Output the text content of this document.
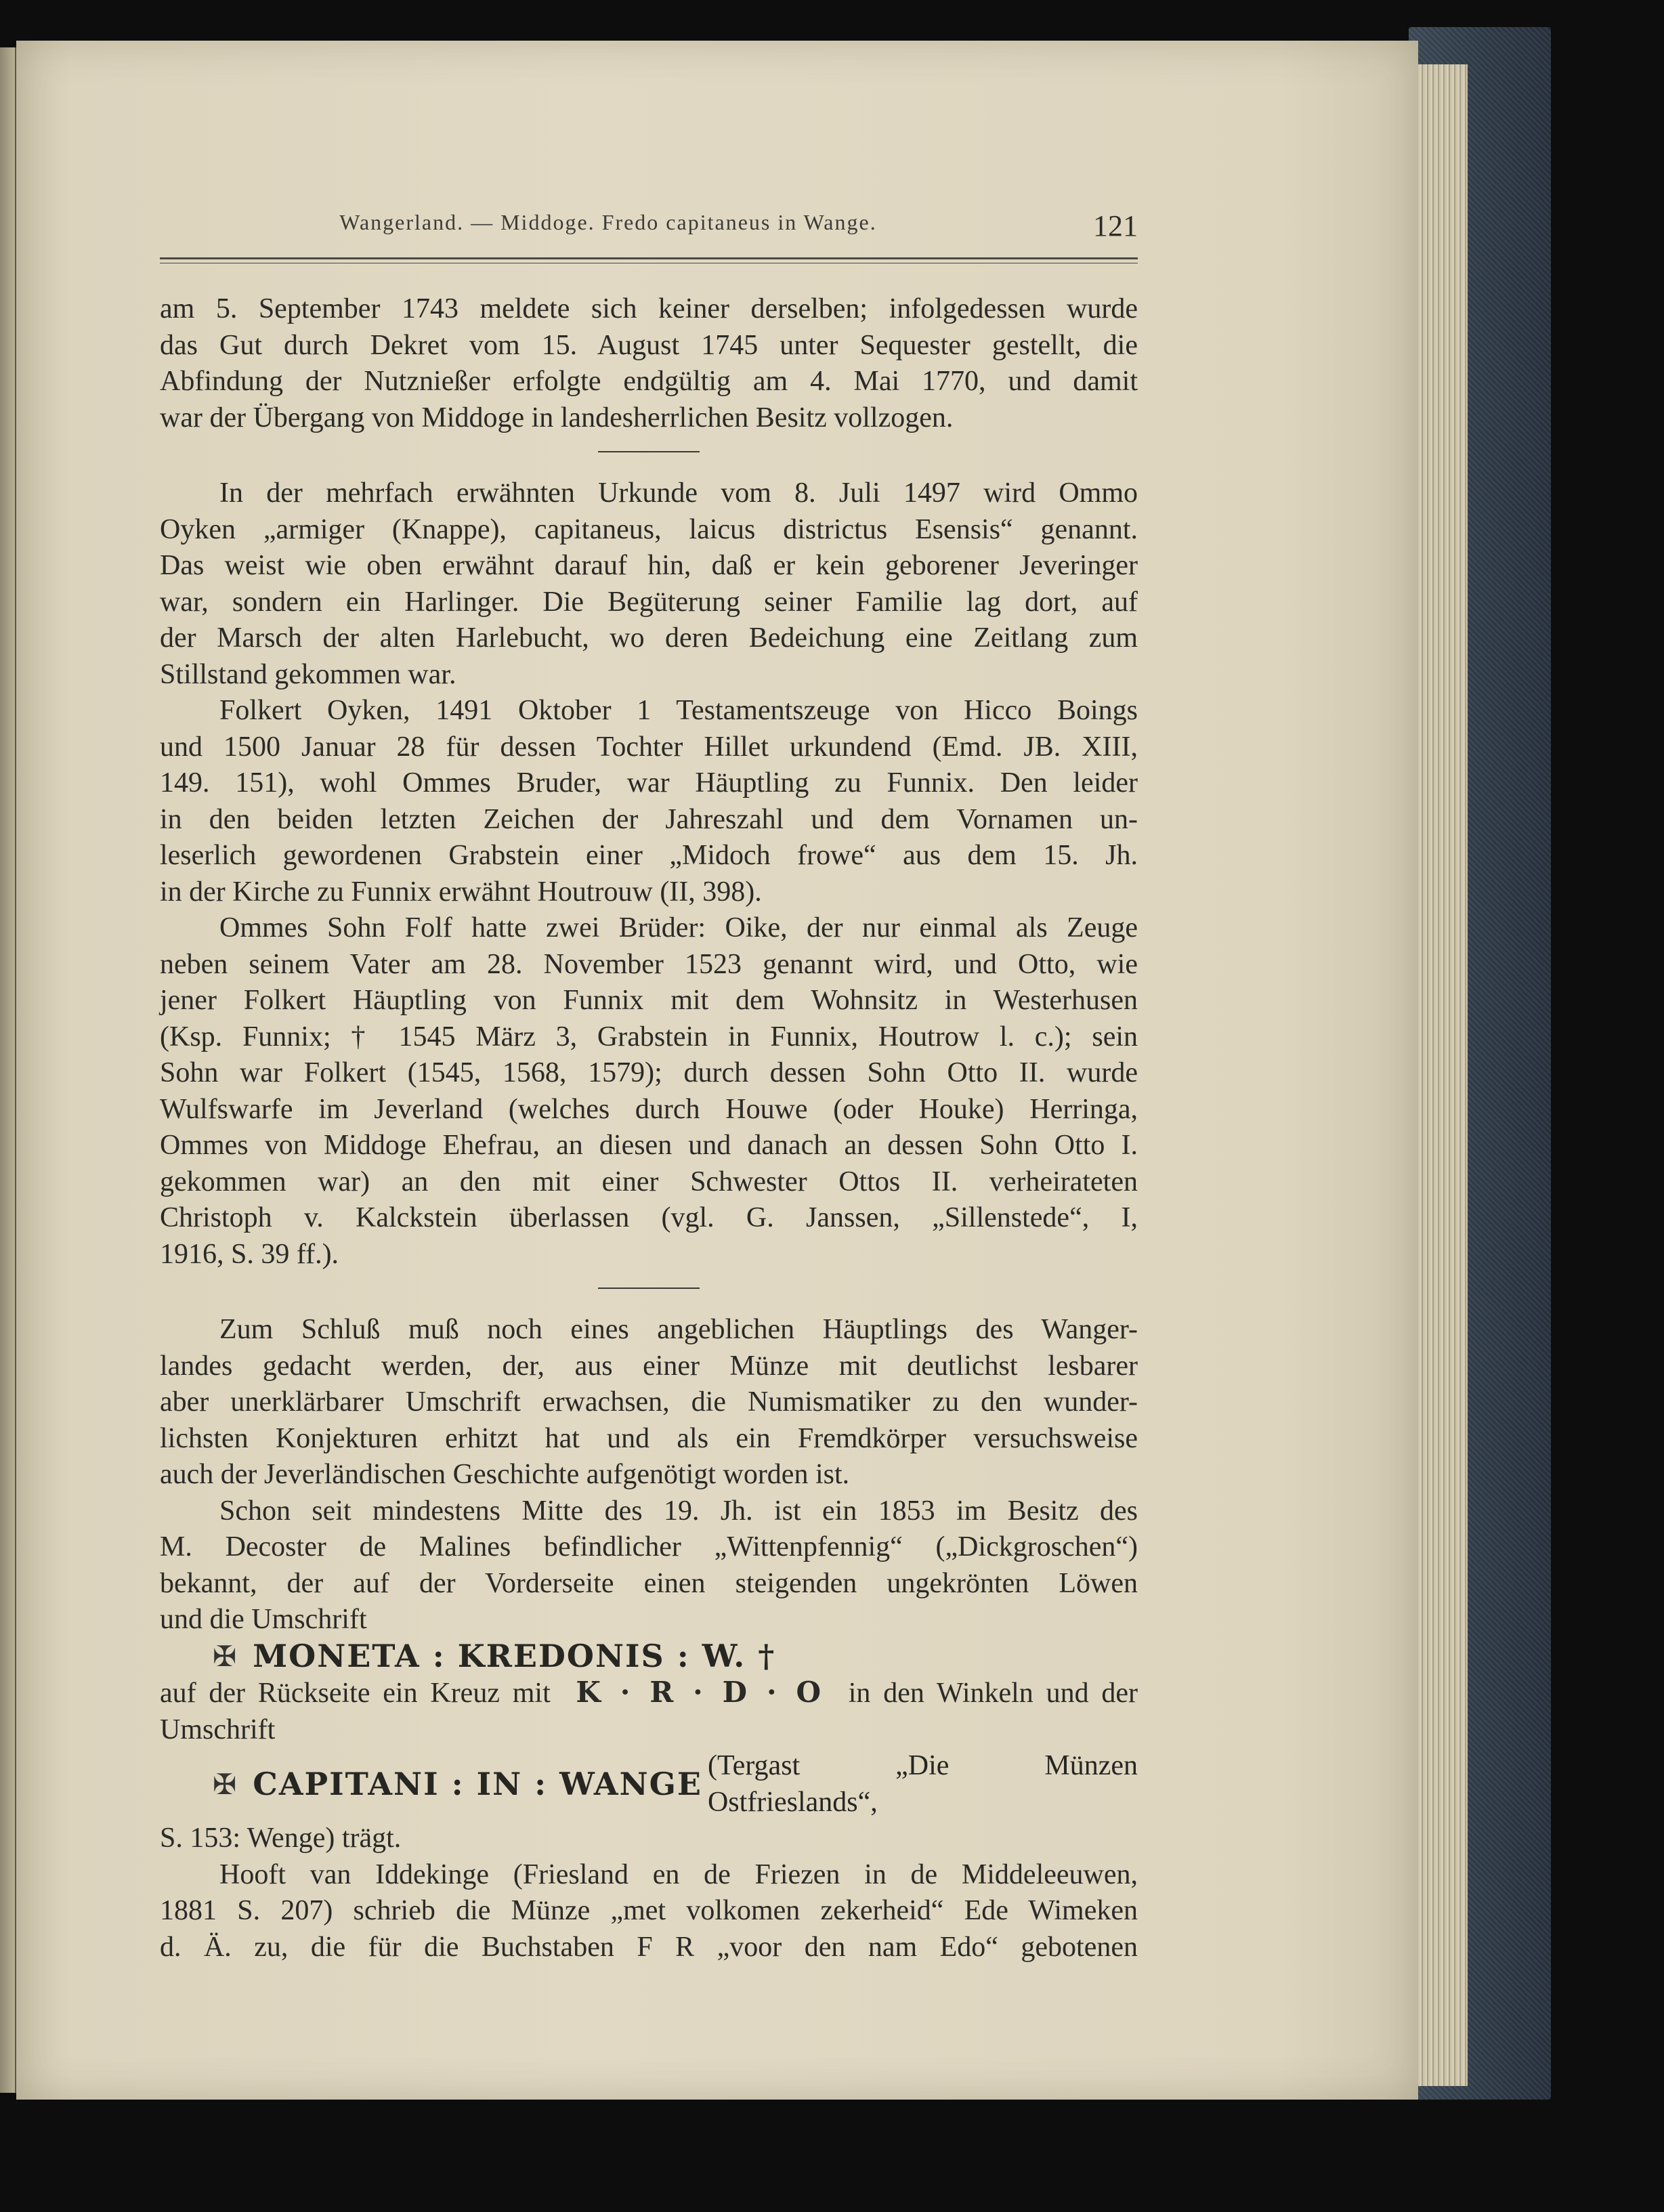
Wangerland. — Middoge. Fredo capitaneus in Wange.	121

am 5. September 1743 meldete sich keiner derselben; infolgedessen wurde

das Gut durch Dekret vom 15. August 1745 unter Sequester gestellt, die

Abfindung der Nutznießer erfolgte endgültig am 4. Mai 1770, und damit

war der Übergang von Middoge in landesherrlichen Besitz vollzogen.

In der mehrfach erwähnten Urkunde vom 8. Juli 1497 wird Ommo

Oyken „armiger (Knappe), capitaneus, laicus districtus Esensis“ genannt.

Das weist wie oben erwähnt darauf hin, daß er kein geborener Jeveringer

war, sondern ein Harlinger. Die Begüterung seiner Familie lag dort, auf

der Marsch der alten Harlebucht, wo deren Bedeichung eine Zeitlang zum

Stillstand gekommen war.

Folkert Oyken, 1491 Oktober 1 Testamentszeuge von Hicco Boings

und 1500 Januar 28 für dessen Tochter Hillet urkundend (Emd. JB. XIII,

149. 151), wohl Ommes Bruder, war Häuptling zu Funnix. Den leider

in den beiden letzten Zeichen der Jahreszahl und dem Vornamen un-

leserlich gewordenen Grabstein einer „Midoch frowe“ aus dem 15. Jh.

in der Kirche zu Funnix erwähnt Houtrouw (II, 398).

Ommes Sohn Folf hatte zwei Brüder: Oike, der nur einmal als Zeuge

neben seinem Vater am 28. November 1523 genannt wird, und Otto, wie

jener Folkert Häuptling von Funnix mit dem Wohnsitz in Westerhusen

(Ksp. Funnix; † 1545 März 3, Grabstein in Funnix, Houtrow l. c.); sein

Sohn war Folkert (1545, 1568, 1579); durch dessen Sohn Otto II. wurde

Wulfswarfe im Jeverland (welches durch Houwe (oder Houke) Herringa,

Ommes von Middoge Ehefrau, an diesen und danach an dessen Sohn Otto I.

gekommen war) an den mit einer Schwester Ottos II. verheirateten

Christoph v. Kalckstein überlassen (vgl. G. Janssen, „Sillenstede“, I,

1916, S. 39 ff.).

Zum Schluß muß noch eines angeblichen Häuptlings des Wanger-

landes gedacht werden, der, aus einer Münze mit deutlichst lesbarer

aber unerklärbarer Umschrift erwachsen, die Numismatiker zu den wunder-

lichsten Konjekturen erhitzt hat und als ein Fremdkörper versuchsweise

auch der Jeverländischen Geschichte aufgenötigt worden ist.

Schon seit mindestens Mitte des 19. Jh. ist ein 1853 im Besitz des

M. Decoster de Malines befindlicher „Wittenpfennig“ („Dickgroschen“)

bekannt, der auf der Vorderseite einen steigenden ungekrönten Löwen

und die Umschrift

✠ MONETA : KREDONIS : W. †

auf der Rückseite ein Kreuz mit K · R · D · O in den Winkeln und der

Umschrift

✠ CAPITANI : IN : WANGE (Tergast „Die Münzen Ostfrieslands“,

S. 153: Wenge) trägt.

Hooft van Iddekinge (Friesland en de Friezen in de Middeleeuwen,

1881 S. 207) schrieb die Münze „met volkomen zekerheid“ Ede Wimeken

d. Ä. zu, die für die Buchstaben F R „voor den nam Edo“ gebotenen
